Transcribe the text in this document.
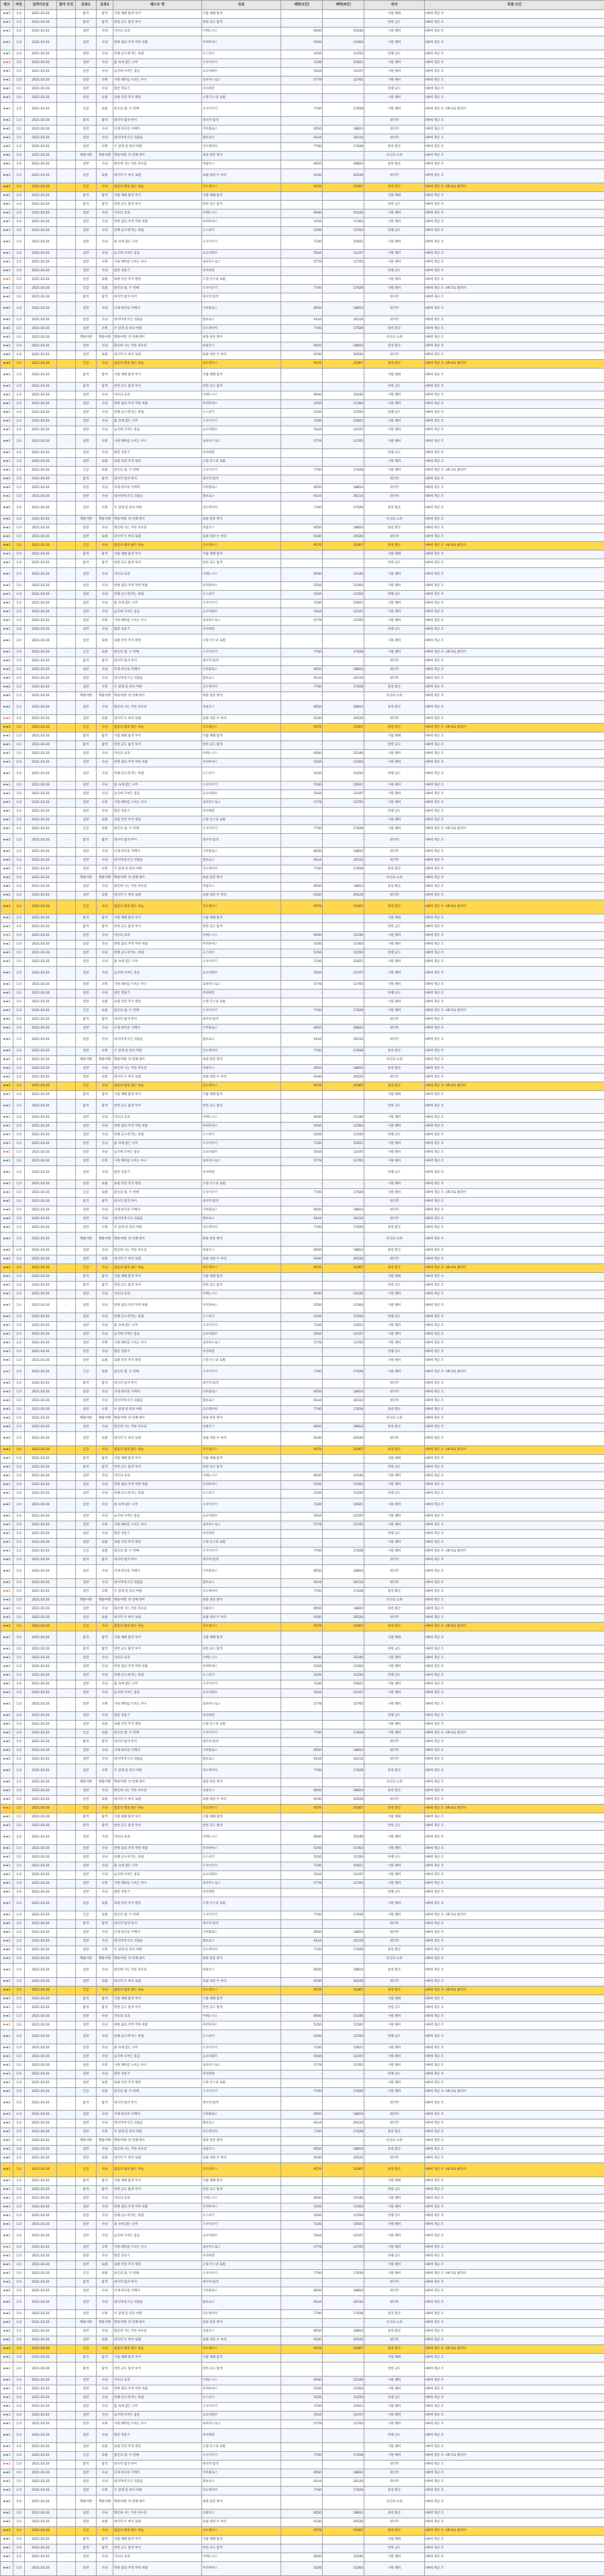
랭크	버전	업데이트일	참여 조건	분류1	분류2	퀘스트 명	목표	체력(1인)	체력(4인)	위치	특별 조건
★★1	1.0	2021.03.26	-	탐색	탐색	서랍 폐쇄 탐색 투어	서랍 폐쇄 탐색	-	-	서랍 폐쇄	HR에 제공 조
★★1	1.0	2021.03.26	-	탐색	탐색	한번 군도 탐색 투어	한번 군도 탐색	-	-	한번 군도	HR에 제공 조
★★1	1.0	2021.03.26	-	일반	사냥	자유의 표과	아케노시스	6930	15246	사원 폐허	HR에 제공 조
★★1	1.0	2021.03.26	-	일반	사냥	한방 꿈의 주력 무한 바람	루퍼투마스	5256	11564	사원 폐허	HR에 제공 조
★★1	1.0	2021.03.26	-	일반	사냥	한랭 군도에 먹는 바람	도스바기	5256	11550	한랭 군도	HR에 제공 조
★★1	1.0	2021.03.26	-	일반	사냥	흙 속에 잠든 나무	오사이즈키	7236	15921	사원 폐허	HR에 제공 조
★★1	1.0	2021.03.26	-	일반	사냥	늪지에 모여든 꽃들	요츠미와두	5544	12197	사원 폐허	HR에 제공 조
★★1	1.0	2021.03.26	-	일반	포획	사원 폐허를 누비는 투구	로아루드로스	5778	12705	사원 폐허	HR에 제공 조
★★1	1.0	2021.03.26	-	일반	사냥	벌꿀 영웅기	비샤테만	-	-	한랭 군도	HR에 제공 조
★★1	1.0	2021.03.26	-	일반	토벌	토벌 작전 추격 명령	소형 몬스터 토벌	-	-	사원 폐허	HR에 제공 조
★★1	1.0	2021.03.26	-	긴급	토벌	용인의 빛, 두 번째	오사이즈키	7740	17028	사원 폐허	HR에 제공 조. HR 5로 클리어
★★2	1.0	2021.03.26	-	탐색	탐색	대사막 탐색 투어	대사막 탐색	-	-	대사막	HR에 제공 조
★★2	1.0	2021.03.26	-	일반	사냥	모래 바다의 지배자	디아블로스	8550	18810	대사막	HR에 제공 조
★★2	1.0	2021.03.26	-	일반	사냥	대사막에 모인 괴물들	볼보로스	9144	20116	대사막	HR에 제공 조
★★2	1.0	2021.03.26	-	일반	포획	두 갈래 길 위의 여왕	리오레이아	7740	17028	홍련 화산	HR에 제공 조
★★2	1.0	2021.03.26	-	백룡야행	백룡야행	백룡야행: 첫 번째 방어	최종 관문 방어	-	-	비극의 요새	HR에 제공 조
★★2	1.0	2021.03.26	-	일반	사냥	화산에 사는 푸른 파수꾼	바살모스	8550	18810	홍련 화산	HR에 제공 조
★★2	1.0	2021.03.26	-	일반	토벌	대사막 두 마리 토벌	토벌 대상 두 마리	9330	20526	대사막	HR에 제공 조
★★2	1.0	2021.03.26	-	긴급	사냥	불꽃의 왕과 붉은 하늘	리오레우스	9576	21067	홍련 화산	HR에 제공 조. HR 6로 클리어
★★1	1.0	2021.03.26	-	탐색	탐색	서랍 폐쇄 탐색 투어	서랍 폐쇄 탐색	-	-	서랍 폐쇄	HR에 제공 조
★★1	1.0	2021.03.26	-	탐색	탐색	한번 군도 탐색 투어	한번 군도 탐색	-	-	한번 군도	HR에 제공 조
★★1	1.0	2021.03.26	-	일반	사냥	자유의 표과	아케노시스	6930	15246	사원 폐허	HR에 제공 조
★★1	1.0	2021.03.26	-	일반	사냥	한방 꿈의 주력 무한 바람	루퍼투마스	5256	11564	사원 폐허	HR에 제공 조
★★1	1.0	2021.03.26	-	일반	사냥	한랭 군도에 먹는 바람	도스바기	5256	11550	한랭 군도	HR에 제공 조
★★1	1.0	2021.03.26	-	일반	사냥	흙 속에 잠든 나무	오사이즈키	7236	15921	사원 폐허	HR에 제공 조
★★1	1.0	2021.03.26	-	일반	사냥	늪지에 모여든 꽃들	요츠미와두	5544	12197	사원 폐허	HR에 제공 조
★★1	1.0	2021.03.26	-	일반	포획	사원 폐허를 누비는 투구	로아루드로스	5778	12705	사원 폐허	HR에 제공 조
★★1	1.0	2021.03.26	-	일반	사냥	벌꿀 영웅기	비샤테만	-	-	한랭 군도	HR에 제공 조
★★1	1.0	2021.03.26	-	일반	토벌	토벌 작전 추격 명령	소형 몬스터 토벌	-	-	사원 폐허	HR에 제공 조
★★1	1.0	2021.03.26	-	긴급	토벌	용인의 빛, 두 번째	오사이즈키	7740	17028	사원 폐허	HR에 제공 조. HR 5로 클리어
★★2	1.0	2021.03.26	-	탐색	탐색	대사막 탐색 투어	대사막 탐색	-	-	대사막	HR에 제공 조
★★2	1.0	2021.03.26	-	일반	사냥	모래 바다의 지배자	디아블로스	8550	18810	대사막	HR에 제공 조
★★2	1.0	2021.03.26	-	일반	사냥	대사막에 모인 괴물들	볼보로스	9144	20116	대사막	HR에 제공 조
★★2	1.0	2021.03.26	-	일반	포획	두 갈래 길 위의 여왕	리오레이아	7740	17028	홍련 화산	HR에 제공 조
★★2	1.0	2021.03.26	-	백룡야행	백룡야행	백룡야행: 첫 번째 방어	최종 관문 방어	-	-	비극의 요새	HR에 제공 조
★★2	1.0	2021.03.26	-	일반	사냥	화산에 사는 푸른 파수꾼	바살모스	8550	18810	홍련 화산	HR에 제공 조
★★2	1.0	2021.03.26	-	일반	토벌	대사막 두 마리 토벌	토벌 대상 두 마리	9330	20526	대사막	HR에 제공 조
★★2	1.0	2021.03.26	-	긴급	사냥	불꽃의 왕과 붉은 하늘	리오레우스	9576	21067	홍련 화산	HR에 제공 조. HR 6로 클리어
★★1	1.0	2021.03.26	-	탐색	탐색	서랍 폐쇄 탐색 투어	서랍 폐쇄 탐색	-	-	서랍 폐쇄	HR에 제공 조
★★1	1.0	2021.03.26	-	탐색	탐색	한번 군도 탐색 투어	한번 군도 탐색	-	-	한번 군도	HR에 제공 조
★★1	1.0	2021.03.26	-	일반	사냥	자유의 표과	아케노시스	6930	15246	사원 폐허	HR에 제공 조
★★1	1.0	2021.03.26	-	일반	사냥	한방 꿈의 주력 무한 바람	루퍼투마스	5256	11564	사원 폐허	HR에 제공 조
★★1	1.0	2021.03.26	-	일반	사냥	한랭 군도에 먹는 바람	도스바기	5256	11550	한랭 군도	HR에 제공 조
★★1	1.0	2021.03.26	-	일반	사냥	흙 속에 잠든 나무	오사이즈키	7236	15921	사원 폐허	HR에 제공 조
★★1	1.0	2021.03.26	-	일반	사냥	늪지에 모여든 꽃들	요츠미와두	5544	12197	사원 폐허	HR에 제공 조
★★1	1.0	2021.03.26	-	일반	포획	사원 폐허를 누비는 투구	로아루드로스	5778	12705	사원 폐허	HR에 제공 조
★★1	1.0	2021.03.26	-	일반	사냥	벌꿀 영웅기	비샤테만	-	-	한랭 군도	HR에 제공 조
★★1	1.0	2021.03.26	-	일반	토벌	토벌 작전 추격 명령	소형 몬스터 토벌	-	-	사원 폐허	HR에 제공 조
★★1	1.0	2021.03.26	-	긴급	토벌	용인의 빛, 두 번째	오사이즈키	7740	17028	사원 폐허	HR에 제공 조. HR 5로 클리어
★★2	1.0	2021.03.26	-	탐색	탐색	대사막 탐색 투어	대사막 탐색	-	-	대사막	HR에 제공 조
★★2	1.0	2021.03.26	-	일반	사냥	모래 바다의 지배자	디아블로스	8550	18810	대사막	HR에 제공 조
★★2	1.0	2021.03.26	-	일반	사냥	대사막에 모인 괴물들	볼보로스	9144	20116	대사막	HR에 제공 조
★★2	1.0	2021.03.26	-	일반	포획	두 갈래 길 위의 여왕	리오레이아	7740	17028	홍련 화산	HR에 제공 조
★★2	1.0	2021.03.26	-	백룡야행	백룡야행	백룡야행: 첫 번째 방어	최종 관문 방어	-	-	비극의 요새	HR에 제공 조
★★2	1.0	2021.03.26	-	일반	사냥	화산에 사는 푸른 파수꾼	바살모스	8550	18810	홍련 화산	HR에 제공 조
★★2	1.0	2021.03.26	-	일반	토벌	대사막 두 마리 토벌	토벌 대상 두 마리	9330	20526	대사막	HR에 제공 조
★★2	1.0	2021.03.26	-	긴급	사냥	불꽃의 왕과 붉은 하늘	리오레우스	9576	21067	홍련 화산	HR에 제공 조. HR 6로 클리어
★★1	1.0	2021.03.26	-	탐색	탐색	서랍 폐쇄 탐색 투어	서랍 폐쇄 탐색	-	-	서랍 폐쇄	HR에 제공 조
★★1	1.0	2021.03.26	-	탐색	탐색	한번 군도 탐색 투어	한번 군도 탐색	-	-	한번 군도	HR에 제공 조
★★1	1.0	2021.03.26	-	일반	사냥	자유의 표과	아케노시스	6930	15246	사원 폐허	HR에 제공 조
★★1	1.0	2021.03.26	-	일반	사냥	한방 꿈의 주력 무한 바람	루퍼투마스	5256	11564	사원 폐허	HR에 제공 조
★★1	1.0	2021.03.26	-	일반	사냥	한랭 군도에 먹는 바람	도스바기	5256	11550	한랭 군도	HR에 제공 조
★★1	1.0	2021.03.26	-	일반	사냥	흙 속에 잠든 나무	오사이즈키	7236	15921	사원 폐허	HR에 제공 조
★★1	1.0	2021.03.26	-	일반	사냥	늪지에 모여든 꽃들	요츠미와두	5544	12197	사원 폐허	HR에 제공 조
★★1	1.0	2021.03.26	-	일반	포획	사원 폐허를 누비는 투구	로아루드로스	5778	12705	사원 폐허	HR에 제공 조
★★1	1.0	2021.03.26	-	일반	사냥	벌꿀 영웅기	비샤테만	-	-	한랭 군도	HR에 제공 조
★★1	1.0	2021.03.26	-	일반	토벌	토벌 작전 추격 명령	소형 몬스터 토벌	-	-	사원 폐허	HR에 제공 조
★★1	1.0	2021.03.26	-	긴급	토벌	용인의 빛, 두 번째	오사이즈키	7740	17028	사원 폐허	HR에 제공 조. HR 5로 클리어
★★2	1.0	2021.03.26	-	탐색	탐색	대사막 탐색 투어	대사막 탐색	-	-	대사막	HR에 제공 조
★★2	1.0	2021.03.26	-	일반	사냥	모래 바다의 지배자	디아블로스	8550	18810	대사막	HR에 제공 조
★★2	1.0	2021.03.26	-	일반	사냥	대사막에 모인 괴물들	볼보로스	9144	20116	대사막	HR에 제공 조
★★2	1.0	2021.03.26	-	일반	포획	두 갈래 길 위의 여왕	리오레이아	7740	17028	홍련 화산	HR에 제공 조
★★2	1.0	2021.03.26	-	백룡야행	백룡야행	백룡야행: 첫 번째 방어	최종 관문 방어	-	-	비극의 요새	HR에 제공 조
★★2	1.0	2021.03.26	-	일반	사냥	화산에 사는 푸른 파수꾼	바살모스	8550	18810	홍련 화산	HR에 제공 조
★★2	1.0	2021.03.26	-	일반	토벌	대사막 두 마리 토벌	토벌 대상 두 마리	9330	20526	대사막	HR에 제공 조
★★2	1.0	2021.03.26	-	긴급	사냥	불꽃의 왕과 붉은 하늘	리오레우스	9576	21067	홍련 화산	HR에 제공 조. HR 6로 클리어
★★1	1.0	2021.03.26	-	탐색	탐색	서랍 폐쇄 탐색 투어	서랍 폐쇄 탐색	-	-	서랍 폐쇄	HR에 제공 조
★★1	1.0	2021.03.26	-	탐색	탐색	한번 군도 탐색 투어	한번 군도 탐색	-	-	한번 군도	HR에 제공 조
★★1	1.0	2021.03.26	-	일반	사냥	자유의 표과	아케노시스	6930	15246	사원 폐허	HR에 제공 조
★★1	1.0	2021.03.26	-	일반	사냥	한방 꿈의 주력 무한 바람	루퍼투마스	5256	11564	사원 폐허	HR에 제공 조
★★1	1.0	2021.03.26	-	일반	사냥	한랭 군도에 먹는 바람	도스바기	5256	11550	한랭 군도	HR에 제공 조
★★1	1.0	2021.03.26	-	일반	사냥	흙 속에 잠든 나무	오사이즈키	7236	15921	사원 폐허	HR에 제공 조
★★1	1.0	2021.03.26	-	일반	사냥	늪지에 모여든 꽃들	요츠미와두	5544	12197	사원 폐허	HR에 제공 조
★★1	1.0	2021.03.26	-	일반	포획	사원 폐허를 누비는 투구	로아루드로스	5778	12705	사원 폐허	HR에 제공 조
★★1	1.0	2021.03.26	-	일반	사냥	벌꿀 영웅기	비샤테만	-	-	한랭 군도	HR에 제공 조
★★1	1.0	2021.03.26	-	일반	토벌	토벌 작전 추격 명령	소형 몬스터 토벌	-	-	사원 폐허	HR에 제공 조
★★1	1.0	2021.03.26	-	긴급	토벌	용인의 빛, 두 번째	오사이즈키	7740	17028	사원 폐허	HR에 제공 조. HR 5로 클리어
★★2	1.0	2021.03.26	-	탐색	탐색	대사막 탐색 투어	대사막 탐색	-	-	대사막	HR에 제공 조
★★2	1.0	2021.03.26	-	일반	사냥	모래 바다의 지배자	디아블로스	8550	18810	대사막	HR에 제공 조
★★2	1.0	2021.03.26	-	일반	사냥	대사막에 모인 괴물들	볼보로스	9144	20116	대사막	HR에 제공 조
★★2	1.0	2021.03.26	-	일반	포획	두 갈래 길 위의 여왕	리오레이아	7740	17028	홍련 화산	HR에 제공 조
★★2	1.0	2021.03.26	-	백룡야행	백룡야행	백룡야행: 첫 번째 방어	최종 관문 방어	-	-	비극의 요새	HR에 제공 조
★★2	1.0	2021.03.26	-	일반	사냥	화산에 사는 푸른 파수꾼	바살모스	8550	18810	홍련 화산	HR에 제공 조
★★2	1.0	2021.03.26	-	일반	토벌	대사막 두 마리 토벌	토벌 대상 두 마리	9330	20526	대사막	HR에 제공 조
★★2	1.0	2021.03.26	-	긴급	사냥	불꽃의 왕과 붉은 하늘	리오레우스	9576	21067	홍련 화산	HR에 제공 조. HR 6로 클리어
★★1	1.0	2021.03.26	-	탐색	탐색	서랍 폐쇄 탐색 투어	서랍 폐쇄 탐색	-	-	서랍 폐쇄	HR에 제공 조
★★1	1.0	2021.03.26	-	탐색	탐색	한번 군도 탐색 투어	한번 군도 탐색	-	-	한번 군도	HR에 제공 조
★★1	1.0	2021.03.26	-	일반	사냥	자유의 표과	아케노시스	6930	15246	사원 폐허	HR에 제공 조
★★1	1.0	2021.03.26	-	일반	사냥	한방 꿈의 주력 무한 바람	루퍼투마스	5256	11564	사원 폐허	HR에 제공 조
★★1	1.0	2021.03.26	-	일반	사냥	한랭 군도에 먹는 바람	도스바기	5256	11550	한랭 군도	HR에 제공 조
★★1	1.0	2021.03.26	-	일반	사냥	흙 속에 잠든 나무	오사이즈키	7236	15921	사원 폐허	HR에 제공 조
★★1	1.0	2021.03.26	-	일반	사냥	늪지에 모여든 꽃들	요츠미와두	5544	12197	사원 폐허	HR에 제공 조
★★1	1.0	2021.03.26	-	일반	포획	사원 폐허를 누비는 투구	로아루드로스	5778	12705	사원 폐허	HR에 제공 조
★★1	1.0	2021.03.26	-	일반	사냥	벌꿀 영웅기	비샤테만	-	-	한랭 군도	HR에 제공 조
★★1	1.0	2021.03.26	-	일반	토벌	토벌 작전 추격 명령	소형 몬스터 토벌	-	-	사원 폐허	HR에 제공 조
★★1	1.0	2021.03.26	-	긴급	토벌	용인의 빛, 두 번째	오사이즈키	7740	17028	사원 폐허	HR에 제공 조. HR 5로 클리어
★★2	1.0	2021.03.26	-	탐색	탐색	대사막 탐색 투어	대사막 탐색	-	-	대사막	HR에 제공 조
★★2	1.0	2021.03.26	-	일반	사냥	모래 바다의 지배자	디아블로스	8550	18810	대사막	HR에 제공 조
★★2	1.0	2021.03.26	-	일반	사냥	대사막에 모인 괴물들	볼보로스	9144	20116	대사막	HR에 제공 조
★★2	1.0	2021.03.26	-	일반	포획	두 갈래 길 위의 여왕	리오레이아	7740	17028	홍련 화산	HR에 제공 조
★★2	1.0	2021.03.26	-	백룡야행	백룡야행	백룡야행: 첫 번째 방어	최종 관문 방어	-	-	비극의 요새	HR에 제공 조
★★2	1.0	2021.03.26	-	일반	사냥	화산에 사는 푸른 파수꾼	바살모스	8550	18810	홍련 화산	HR에 제공 조
★★2	1.0	2021.03.26	-	일반	토벌	대사막 두 마리 토벌	토벌 대상 두 마리	9330	20526	대사막	HR에 제공 조
★★2	1.0	2021.03.26	-	긴급	사냥	불꽃의 왕과 붉은 하늘	리오레우스	9576	21067	홍련 화산	HR에 제공 조. HR 6로 클리어
★★1	1.0	2021.03.26	-	탐색	탐색	서랍 폐쇄 탐색 투어	서랍 폐쇄 탐색	-	-	서랍 폐쇄	HR에 제공 조
★★1	1.0	2021.03.26	-	탐색	탐색	한번 군도 탐색 투어	한번 군도 탐색	-	-	한번 군도	HR에 제공 조
★★1	1.0	2021.03.26	-	일반	사냥	자유의 표과	아케노시스	6930	15246	사원 폐허	HR에 제공 조
★★1	1.0	2021.03.26	-	일반	사냥	한방 꿈의 주력 무한 바람	루퍼투마스	5256	11564	사원 폐허	HR에 제공 조
★★1	1.0	2021.03.26	-	일반	사냥	한랭 군도에 먹는 바람	도스바기	5256	11550	한랭 군도	HR에 제공 조
★★1	1.0	2021.03.26	-	일반	사냥	흙 속에 잠든 나무	오사이즈키	7236	15921	사원 폐허	HR에 제공 조
★★1	1.0	2021.03.26	-	일반	사냥	늪지에 모여든 꽃들	요츠미와두	5544	12197	사원 폐허	HR에 제공 조
★★1	1.0	2021.03.26	-	일반	포획	사원 폐허를 누비는 투구	로아루드로스	5778	12705	사원 폐허	HR에 제공 조
★★1	1.0	2021.03.26	-	일반	사냥	벌꿀 영웅기	비샤테만	-	-	한랭 군도	HR에 제공 조
★★1	1.0	2021.03.26	-	일반	토벌	토벌 작전 추격 명령	소형 몬스터 토벌	-	-	사원 폐허	HR에 제공 조
★★1	1.0	2021.03.26	-	긴급	토벌	용인의 빛, 두 번째	오사이즈키	7740	17028	사원 폐허	HR에 제공 조. HR 5로 클리어
★★2	1.0	2021.03.26	-	탐색	탐색	대사막 탐색 투어	대사막 탐색	-	-	대사막	HR에 제공 조
★★2	1.0	2021.03.26	-	일반	사냥	모래 바다의 지배자	디아블로스	8550	18810	대사막	HR에 제공 조
★★2	1.0	2021.03.26	-	일반	사냥	대사막에 모인 괴물들	볼보로스	9144	20116	대사막	HR에 제공 조
★★2	1.0	2021.03.26	-	일반	포획	두 갈래 길 위의 여왕	리오레이아	7740	17028	홍련 화산	HR에 제공 조
★★2	1.0	2021.03.26	-	백룡야행	백룡야행	백룡야행: 첫 번째 방어	최종 관문 방어	-	-	비극의 요새	HR에 제공 조
★★2	1.0	2021.03.26	-	일반	사냥	화산에 사는 푸른 파수꾼	바살모스	8550	18810	홍련 화산	HR에 제공 조
★★2	1.0	2021.03.26	-	일반	토벌	대사막 두 마리 토벌	토벌 대상 두 마리	9330	20526	대사막	HR에 제공 조
★★2	1.0	2021.03.26	-	긴급	사냥	불꽃의 왕과 붉은 하늘	리오레우스	9576	21067	홍련 화산	HR에 제공 조. HR 6로 클리어
★★1	1.0	2021.03.26	-	탐색	탐색	서랍 폐쇄 탐색 투어	서랍 폐쇄 탐색	-	-	서랍 폐쇄	HR에 제공 조
★★1	1.0	2021.03.26	-	탐색	탐색	한번 군도 탐색 투어	한번 군도 탐색	-	-	한번 군도	HR에 제공 조
★★1	1.0	2021.03.26	-	일반	사냥	자유의 표과	아케노시스	6930	15246	사원 폐허	HR에 제공 조
★★1	1.0	2021.03.26	-	일반	사냥	한방 꿈의 주력 무한 바람	루퍼투마스	5256	11564	사원 폐허	HR에 제공 조
★★1	1.0	2021.03.26	-	일반	사냥	한랭 군도에 먹는 바람	도스바기	5256	11550	한랭 군도	HR에 제공 조
★★1	1.0	2021.03.26	-	일반	사냥	흙 속에 잠든 나무	오사이즈키	7236	15921	사원 폐허	HR에 제공 조
★★1	1.0	2021.03.26	-	일반	사냥	늪지에 모여든 꽃들	요츠미와두	5544	12197	사원 폐허	HR에 제공 조
★★1	1.0	2021.03.26	-	일반	포획	사원 폐허를 누비는 투구	로아루드로스	5778	12705	사원 폐허	HR에 제공 조
★★1	1.0	2021.03.26	-	일반	사냥	벌꿀 영웅기	비샤테만	-	-	한랭 군도	HR에 제공 조
★★1	1.0	2021.03.26	-	일반	토벌	토벌 작전 추격 명령	소형 몬스터 토벌	-	-	사원 폐허	HR에 제공 조
★★1	1.0	2021.03.26	-	긴급	토벌	용인의 빛, 두 번째	오사이즈키	7740	17028	사원 폐허	HR에 제공 조. HR 5로 클리어
★★2	1.0	2021.03.26	-	탐색	탐색	대사막 탐색 투어	대사막 탐색	-	-	대사막	HR에 제공 조
★★2	1.0	2021.03.26	-	일반	사냥	모래 바다의 지배자	디아블로스	8550	18810	대사막	HR에 제공 조
★★2	1.0	2021.03.26	-	일반	사냥	대사막에 모인 괴물들	볼보로스	9144	20116	대사막	HR에 제공 조
★★2	1.0	2021.03.26	-	일반	포획	두 갈래 길 위의 여왕	리오레이아	7740	17028	홍련 화산	HR에 제공 조
★★2	1.0	2021.03.26	-	백룡야행	백룡야행	백룡야행: 첫 번째 방어	최종 관문 방어	-	-	비극의 요새	HR에 제공 조
★★2	1.0	2021.03.26	-	일반	사냥	화산에 사는 푸른 파수꾼	바살모스	8550	18810	홍련 화산	HR에 제공 조
★★2	1.0	2021.03.26	-	일반	토벌	대사막 두 마리 토벌	토벌 대상 두 마리	9330	20526	대사막	HR에 제공 조
★★2	1.0	2021.03.26	-	긴급	사냥	불꽃의 왕과 붉은 하늘	리오레우스	9576	21067	홍련 화산	HR에 제공 조. HR 6로 클리어
★★1	1.0	2021.03.26	-	탐색	탐색	서랍 폐쇄 탐색 투어	서랍 폐쇄 탐색	-	-	서랍 폐쇄	HR에 제공 조
★★1	1.0	2021.03.26	-	탐색	탐색	한번 군도 탐색 투어	한번 군도 탐색	-	-	한번 군도	HR에 제공 조
★★1	1.0	2021.03.26	-	일반	사냥	자유의 표과	아케노시스	6930	15246	사원 폐허	HR에 제공 조
★★1	1.0	2021.03.26	-	일반	사냥	한방 꿈의 주력 무한 바람	루퍼투마스	5256	11564	사원 폐허	HR에 제공 조
★★1	1.0	2021.03.26	-	일반	사냥	한랭 군도에 먹는 바람	도스바기	5256	11550	한랭 군도	HR에 제공 조
★★1	1.0	2021.03.26	-	일반	사냥	흙 속에 잠든 나무	오사이즈키	7236	15921	사원 폐허	HR에 제공 조
★★1	1.0	2021.03.26	-	일반	사냥	늪지에 모여든 꽃들	요츠미와두	5544	12197	사원 폐허	HR에 제공 조
★★1	1.0	2021.03.26	-	일반	포획	사원 폐허를 누비는 투구	로아루드로스	5778	12705	사원 폐허	HR에 제공 조
★★1	1.0	2021.03.26	-	일반	사냥	벌꿀 영웅기	비샤테만	-	-	한랭 군도	HR에 제공 조
★★1	1.0	2021.03.26	-	일반	토벌	토벌 작전 추격 명령	소형 몬스터 토벌	-	-	사원 폐허	HR에 제공 조
★★1	1.0	2021.03.26	-	긴급	토벌	용인의 빛, 두 번째	오사이즈키	7740	17028	사원 폐허	HR에 제공 조. HR 5로 클리어
★★2	1.0	2021.03.26	-	탐색	탐색	대사막 탐색 투어	대사막 탐색	-	-	대사막	HR에 제공 조
★★2	1.0	2021.03.26	-	일반	사냥	모래 바다의 지배자	디아블로스	8550	18810	대사막	HR에 제공 조
★★2	1.0	2021.03.26	-	일반	사냥	대사막에 모인 괴물들	볼보로스	9144	20116	대사막	HR에 제공 조
★★2	1.0	2021.03.26	-	일반	포획	두 갈래 길 위의 여왕	리오레이아	7740	17028	홍련 화산	HR에 제공 조
★★2	1.0	2021.03.26	-	백룡야행	백룡야행	백룡야행: 첫 번째 방어	최종 관문 방어	-	-	비극의 요새	HR에 제공 조
★★2	1.0	2021.03.26	-	일반	사냥	화산에 사는 푸른 파수꾼	바살모스	8550	18810	홍련 화산	HR에 제공 조
★★2	1.0	2021.03.26	-	일반	토벌	대사막 두 마리 토벌	토벌 대상 두 마리	9330	20526	대사막	HR에 제공 조
★★2	1.0	2021.03.26	-	긴급	사냥	불꽃의 왕과 붉은 하늘	리오레우스	9576	21067	홍련 화산	HR에 제공 조. HR 6로 클리어
★★1	1.0	2021.03.26	-	탐색	탐색	서랍 폐쇄 탐색 투어	서랍 폐쇄 탐색	-	-	서랍 폐쇄	HR에 제공 조
★★1	1.0	2021.03.26	-	탐색	탐색	한번 군도 탐색 투어	한번 군도 탐색	-	-	한번 군도	HR에 제공 조
★★1	1.0	2021.03.26	-	일반	사냥	자유의 표과	아케노시스	6930	15246	사원 폐허	HR에 제공 조
★★1	1.0	2021.03.26	-	일반	사냥	한방 꿈의 주력 무한 바람	루퍼투마스	5256	11564	사원 폐허	HR에 제공 조
★★1	1.0	2021.03.26	-	일반	사냥	한랭 군도에 먹는 바람	도스바기	5256	11550	한랭 군도	HR에 제공 조
★★1	1.0	2021.03.26	-	일반	사냥	흙 속에 잠든 나무	오사이즈키	7236	15921	사원 폐허	HR에 제공 조
★★1	1.0	2021.03.26	-	일반	사냥	늪지에 모여든 꽃들	요츠미와두	5544	12197	사원 폐허	HR에 제공 조
★★1	1.0	2021.03.26	-	일반	포획	사원 폐허를 누비는 투구	로아루드로스	5778	12705	사원 폐허	HR에 제공 조
★★1	1.0	2021.03.26	-	일반	사냥	벌꿀 영웅기	비샤테만	-	-	한랭 군도	HR에 제공 조
★★1	1.0	2021.03.26	-	일반	토벌	토벌 작전 추격 명령	소형 몬스터 토벌	-	-	사원 폐허	HR에 제공 조
★★1	1.0	2021.03.26	-	긴급	토벌	용인의 빛, 두 번째	오사이즈키	7740	17028	사원 폐허	HR에 제공 조. HR 5로 클리어
★★2	1.0	2021.03.26	-	탐색	탐색	대사막 탐색 투어	대사막 탐색	-	-	대사막	HR에 제공 조
★★2	1.0	2021.03.26	-	일반	사냥	모래 바다의 지배자	디아블로스	8550	18810	대사막	HR에 제공 조
★★2	1.0	2021.03.26	-	일반	사냥	대사막에 모인 괴물들	볼보로스	9144	20116	대사막	HR에 제공 조
★★2	1.0	2021.03.26	-	일반	포획	두 갈래 길 위의 여왕	리오레이아	7740	17028	홍련 화산	HR에 제공 조
★★2	1.0	2021.03.26	-	백룡야행	백룡야행	백룡야행: 첫 번째 방어	최종 관문 방어	-	-	비극의 요새	HR에 제공 조
★★2	1.0	2021.03.26	-	일반	사냥	화산에 사는 푸른 파수꾼	바살모스	8550	18810	홍련 화산	HR에 제공 조
★★2	1.0	2021.03.26	-	일반	토벌	대사막 두 마리 토벌	토벌 대상 두 마리	9330	20526	대사막	HR에 제공 조
★★2	1.0	2021.03.26	-	긴급	사냥	불꽃의 왕과 붉은 하늘	리오레우스	9576	21067	홍련 화산	HR에 제공 조. HR 6로 클리어
★★1	1.0	2021.03.26	-	탐색	탐색	서랍 폐쇄 탐색 투어	서랍 폐쇄 탐색	-	-	서랍 폐쇄	HR에 제공 조
★★1	1.0	2021.03.26	-	탐색	탐색	한번 군도 탐색 투어	한번 군도 탐색	-	-	한번 군도	HR에 제공 조
★★1	1.0	2021.03.26	-	일반	사냥	자유의 표과	아케노시스	6930	15246	사원 폐허	HR에 제공 조
★★1	1.0	2021.03.26	-	일반	사냥	한방 꿈의 주력 무한 바람	루퍼투마스	5256	11564	사원 폐허	HR에 제공 조
★★1	1.0	2021.03.26	-	일반	사냥	한랭 군도에 먹는 바람	도스바기	5256	11550	한랭 군도	HR에 제공 조
★★1	1.0	2021.03.26	-	일반	사냥	흙 속에 잠든 나무	오사이즈키	7236	15921	사원 폐허	HR에 제공 조
★★1	1.0	2021.03.26	-	일반	사냥	늪지에 모여든 꽃들	요츠미와두	5544	12197	사원 폐허	HR에 제공 조
★★1	1.0	2021.03.26	-	일반	포획	사원 폐허를 누비는 투구	로아루드로스	5778	12705	사원 폐허	HR에 제공 조
★★1	1.0	2021.03.26	-	일반	사냥	벌꿀 영웅기	비샤테만	-	-	한랭 군도	HR에 제공 조
★★1	1.0	2021.03.26	-	일반	토벌	토벌 작전 추격 명령	소형 몬스터 토벌	-	-	사원 폐허	HR에 제공 조
★★1	1.0	2021.03.26	-	긴급	토벌	용인의 빛, 두 번째	오사이즈키	7740	17028	사원 폐허	HR에 제공 조. HR 5로 클리어
★★2	1.0	2021.03.26	-	탐색	탐색	대사막 탐색 투어	대사막 탐색	-	-	대사막	HR에 제공 조
★★2	1.0	2021.03.26	-	일반	사냥	모래 바다의 지배자	디아블로스	8550	18810	대사막	HR에 제공 조
★★2	1.0	2021.03.26	-	일반	사냥	대사막에 모인 괴물들	볼보로스	9144	20116	대사막	HR에 제공 조
★★2	1.0	2021.03.26	-	일반	포획	두 갈래 길 위의 여왕	리오레이아	7740	17028	홍련 화산	HR에 제공 조
★★2	1.0	2021.03.26	-	백룡야행	백룡야행	백룡야행: 첫 번째 방어	최종 관문 방어	-	-	비극의 요새	HR에 제공 조
★★2	1.0	2021.03.26	-	일반	사냥	화산에 사는 푸른 파수꾼	바살모스	8550	18810	홍련 화산	HR에 제공 조
★★2	1.0	2021.03.26	-	일반	토벌	대사막 두 마리 토벌	토벌 대상 두 마리	9330	20526	대사막	HR에 제공 조
★★2	1.0	2021.03.26	-	긴급	사냥	불꽃의 왕과 붉은 하늘	리오레우스	9576	21067	홍련 화산	HR에 제공 조. HR 6로 클리어
★★1	1.0	2021.03.26	-	탐색	탐색	서랍 폐쇄 탐색 투어	서랍 폐쇄 탐색	-	-	서랍 폐쇄	HR에 제공 조
★★1	1.0	2021.03.26	-	탐색	탐색	한번 군도 탐색 투어	한번 군도 탐색	-	-	한번 군도	HR에 제공 조
★★1	1.0	2021.03.26	-	일반	사냥	자유의 표과	아케노시스	6930	15246	사원 폐허	HR에 제공 조
★★1	1.0	2021.03.26	-	일반	사냥	한방 꿈의 주력 무한 바람	루퍼투마스	5256	11564	사원 폐허	HR에 제공 조
★★1	1.0	2021.03.26	-	일반	사냥	한랭 군도에 먹는 바람	도스바기	5256	11550	한랭 군도	HR에 제공 조
★★1	1.0	2021.03.26	-	일반	사냥	흙 속에 잠든 나무	오사이즈키	7236	15921	사원 폐허	HR에 제공 조
★★1	1.0	2021.03.26	-	일반	사냥	늪지에 모여든 꽃들	요츠미와두	5544	12197	사원 폐허	HR에 제공 조
★★1	1.0	2021.03.26	-	일반	포획	사원 폐허를 누비는 투구	로아루드로스	5778	12705	사원 폐허	HR에 제공 조
★★1	1.0	2021.03.26	-	일반	사냥	벌꿀 영웅기	비샤테만	-	-	한랭 군도	HR에 제공 조
★★1	1.0	2021.03.26	-	일반	토벌	토벌 작전 추격 명령	소형 몬스터 토벌	-	-	사원 폐허	HR에 제공 조
★★1	1.0	2021.03.26	-	긴급	토벌	용인의 빛, 두 번째	오사이즈키	7740	17028	사원 폐허	HR에 제공 조. HR 5로 클리어
★★2	1.0	2021.03.26	-	탐색	탐색	대사막 탐색 투어	대사막 탐색	-	-	대사막	HR에 제공 조
★★2	1.0	2021.03.26	-	일반	사냥	모래 바다의 지배자	디아블로스	8550	18810	대사막	HR에 제공 조
★★2	1.0	2021.03.26	-	일반	사냥	대사막에 모인 괴물들	볼보로스	9144	20116	대사막	HR에 제공 조
★★2	1.0	2021.03.26	-	일반	포획	두 갈래 길 위의 여왕	리오레이아	7740	17028	홍련 화산	HR에 제공 조
★★2	1.0	2021.03.26	-	백룡야행	백룡야행	백룡야행: 첫 번째 방어	최종 관문 방어	-	-	비극의 요새	HR에 제공 조
★★2	1.0	2021.03.26	-	일반	사냥	화산에 사는 푸른 파수꾼	바살모스	8550	18810	홍련 화산	HR에 제공 조
★★2	1.0	2021.03.26	-	일반	토벌	대사막 두 마리 토벌	토벌 대상 두 마리	9330	20526	대사막	HR에 제공 조
★★2	1.0	2021.03.26	-	긴급	사냥	불꽃의 왕과 붉은 하늘	리오레우스	9576	21067	홍련 화산	HR에 제공 조. HR 6로 클리어
★★1	1.0	2021.03.26	-	탐색	탐색	서랍 폐쇄 탐색 투어	서랍 폐쇄 탐색	-	-	서랍 폐쇄	HR에 제공 조
★★1	1.0	2021.03.26	-	탐색	탐색	한번 군도 탐색 투어	한번 군도 탐색	-	-	한번 군도	HR에 제공 조
★★1	1.0	2021.03.26	-	일반	사냥	자유의 표과	아케노시스	6930	15246	사원 폐허	HR에 제공 조
★★1	1.0	2021.03.26	-	일반	사냥	한방 꿈의 주력 무한 바람	루퍼투마스	5256	11564	사원 폐허	HR에 제공 조
★★1	1.0	2021.03.26	-	일반	사냥	한랭 군도에 먹는 바람	도스바기	5256	11550	한랭 군도	HR에 제공 조
★★1	1.0	2021.03.26	-	일반	사냥	흙 속에 잠든 나무	오사이즈키	7236	15921	사원 폐허	HR에 제공 조
★★1	1.0	2021.03.26	-	일반	사냥	늪지에 모여든 꽃들	요츠미와두	5544	12197	사원 폐허	HR에 제공 조
★★1	1.0	2021.03.26	-	일반	포획	사원 폐허를 누비는 투구	로아루드로스	5778	12705	사원 폐허	HR에 제공 조
★★1	1.0	2021.03.26	-	일반	사냥	벌꿀 영웅기	비샤테만	-	-	한랭 군도	HR에 제공 조
★★1	1.0	2021.03.26	-	일반	토벌	토벌 작전 추격 명령	소형 몬스터 토벌	-	-	사원 폐허	HR에 제공 조
★★1	1.0	2021.03.26	-	긴급	토벌	용인의 빛, 두 번째	오사이즈키	7740	17028	사원 폐허	HR에 제공 조. HR 5로 클리어
★★2	1.0	2021.03.26	-	탐색	탐색	대사막 탐색 투어	대사막 탐색	-	-	대사막	HR에 제공 조
★★2	1.0	2021.03.26	-	일반	사냥	모래 바다의 지배자	디아블로스	8550	18810	대사막	HR에 제공 조
★★2	1.0	2021.03.26	-	일반	사냥	대사막에 모인 괴물들	볼보로스	9144	20116	대사막	HR에 제공 조
★★2	1.0	2021.03.26	-	일반	포획	두 갈래 길 위의 여왕	리오레이아	7740	17028	홍련 화산	HR에 제공 조
★★2	1.0	2021.03.26	-	백룡야행	백룡야행	백룡야행: 첫 번째 방어	최종 관문 방어	-	-	비극의 요새	HR에 제공 조
★★2	1.0	2021.03.26	-	일반	사냥	화산에 사는 푸른 파수꾼	바살모스	8550	18810	홍련 화산	HR에 제공 조
★★2	1.0	2021.03.26	-	일반	토벌	대사막 두 마리 토벌	토벌 대상 두 마리	9330	20526	대사막	HR에 제공 조
★★2	1.0	2021.03.26	-	긴급	사냥	불꽃의 왕과 붉은 하늘	리오레우스	9576	21067	홍련 화산	HR에 제공 조. HR 6로 클리어
★★1	1.0	2021.03.26	-	탐색	탐색	서랍 폐쇄 탐색 투어	서랍 폐쇄 탐색	-	-	서랍 폐쇄	HR에 제공 조
★★1	1.0	2021.03.26	-	탐색	탐색	한번 군도 탐색 투어	한번 군도 탐색	-	-	한번 군도	HR에 제공 조
★★1	1.0	2021.03.26	-	일반	사냥	자유의 표과	아케노시스	6930	15246	사원 폐허	HR에 제공 조
★★1	1.0	2021.03.26	-	일반	사냥	한방 꿈의 주력 무한 바람	루퍼투마스	5256	11564	사원 폐허	HR에 제공 조
★★1	1.0	2021.03.26	-	일반	사냥	한랭 군도에 먹는 바람	도스바기	5256	11550	한랭 군도	HR에 제공 조
★★1	1.0	2021.03.26	-	일반	사냥	흙 속에 잠든 나무	오사이즈키	7236	15921	사원 폐허	HR에 제공 조
★★1	1.0	2021.03.26	-	일반	사냥	늪지에 모여든 꽃들	요츠미와두	5544	12197	사원 폐허	HR에 제공 조
★★1	1.0	2021.03.26	-	일반	포획	사원 폐허를 누비는 투구	로아루드로스	5778	12705	사원 폐허	HR에 제공 조
★★1	1.0	2021.03.26	-	일반	사냥	벌꿀 영웅기	비샤테만	-	-	한랭 군도	HR에 제공 조
★★1	1.0	2021.03.26	-	일반	토벌	토벌 작전 추격 명령	소형 몬스터 토벌	-	-	사원 폐허	HR에 제공 조
★★1	1.0	2021.03.26	-	긴급	토벌	용인의 빛, 두 번째	오사이즈키	7740	17028	사원 폐허	HR에 제공 조. HR 5로 클리어
★★2	1.0	2021.03.26	-	탐색	탐색	대사막 탐색 투어	대사막 탐색	-	-	대사막	HR에 제공 조
★★2	1.0	2021.03.26	-	일반	사냥	모래 바다의 지배자	디아블로스	8550	18810	대사막	HR에 제공 조
★★2	1.0	2021.03.26	-	일반	사냥	대사막에 모인 괴물들	볼보로스	9144	20116	대사막	HR에 제공 조
★★2	1.0	2021.03.26	-	일반	포획	두 갈래 길 위의 여왕	리오레이아	7740	17028	홍련 화산	HR에 제공 조
★★2	1.0	2021.03.26	-	백룡야행	백룡야행	백룡야행: 첫 번째 방어	최종 관문 방어	-	-	비극의 요새	HR에 제공 조
★★2	1.0	2021.03.26	-	일반	사냥	화산에 사는 푸른 파수꾼	바살모스	8550	18810	홍련 화산	HR에 제공 조
★★2	1.0	2021.03.26	-	일반	토벌	대사막 두 마리 토벌	토벌 대상 두 마리	9330	20526	대사막	HR에 제공 조
★★2	1.0	2021.03.26	-	긴급	사냥	불꽃의 왕과 붉은 하늘	리오레우스	9576	21067	홍련 화산	HR에 제공 조. HR 6로 클리어
★★1	1.0	2021.03.26	-	탐색	탐색	서랍 폐쇄 탐색 투어	서랍 폐쇄 탐색	-	-	서랍 폐쇄	HR에 제공 조
★★1	1.0	2021.03.26	-	탐색	탐색	한번 군도 탐색 투어	한번 군도 탐색	-	-	한번 군도	HR에 제공 조
★★1	1.0	2021.03.26	-	일반	사냥	자유의 표과	아케노시스	6930	15246	사원 폐허	HR에 제공 조
★★1	1.0	2021.03.26	-	일반	사냥	한방 꿈의 주력 무한 바람	루퍼투마스	5256	11564	사원 폐허	HR에 제공 조
